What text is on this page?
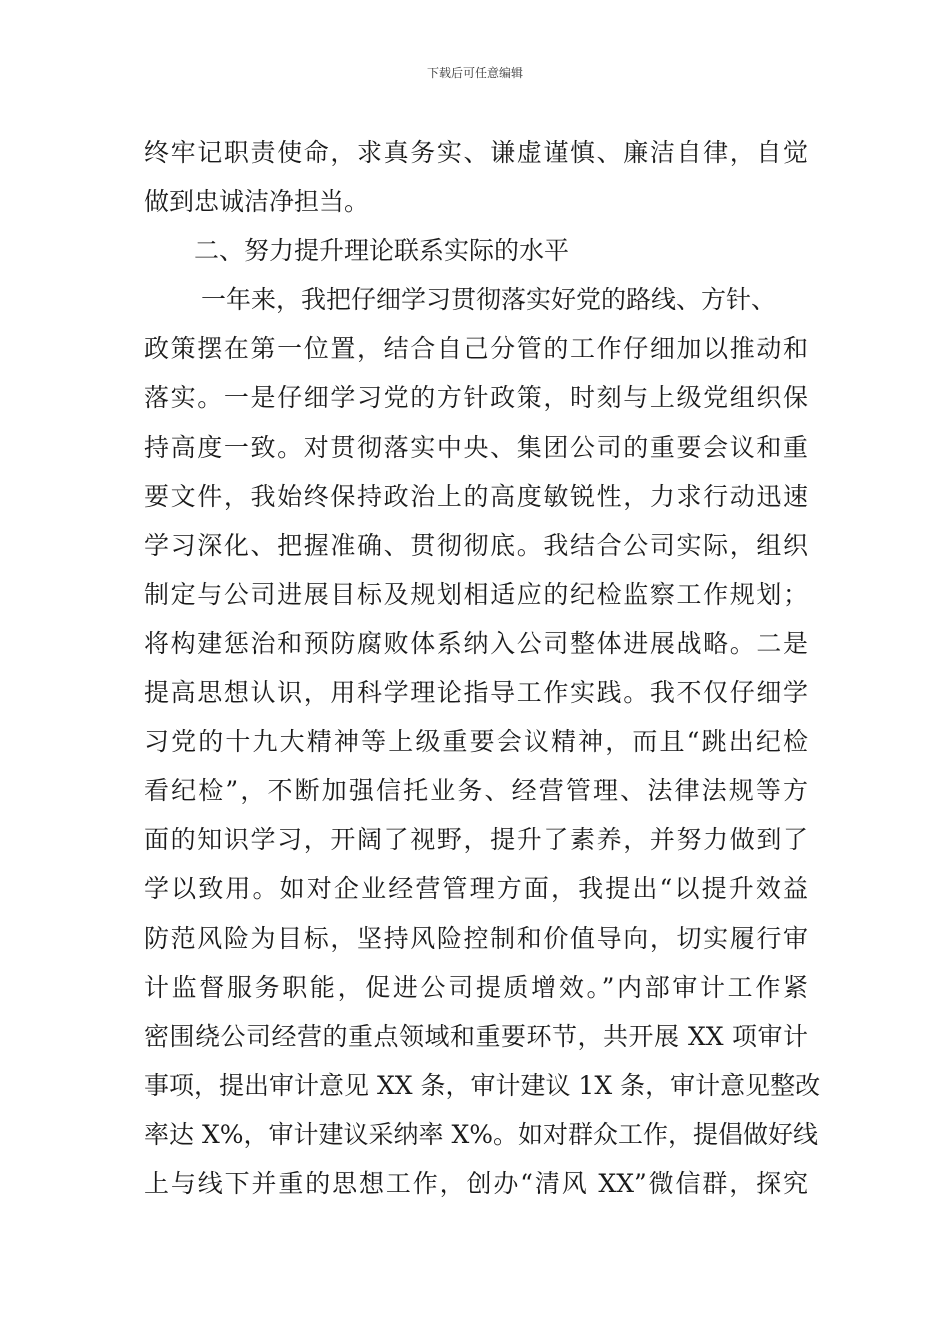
下载后可任意编辑
终牢记职责使命，求真务实、谦虚谨慎、廉洁自律，自觉
做到忠诚洁净担当。
二、努力提升理论联系实际的水平
一年来，我把仔细学习贯彻落实好党的路线、方针、
政策摆在第一位置，结合自己分管的工作仔细加以推动和
落实。一是仔细学习党的方针政策，时刻与上级党组织保
持高度一致。对贯彻落实中央、集团公司的重要会议和重
要文件，我始终保持政治上的高度敏锐性，力求行动迅速
学习深化、把握准确、贯彻彻底。我结合公司实际，组织
制定与公司进展目标及规划相适应的纪检监察工作规划；
将构建惩治和预防腐败体系纳入公司整体进展战略。二是
提高思想认识，用科学理论指导工作实践。我不仅仔细学
习党的十九大精神等上级重要会议精神，而且“跳出纪检
看纪检”，不断加强信托业务、经营管理、法律法规等方
面的知识学习，开阔了视野，提升了素养，并努力做到了
学以致用。如对企业经营管理方面，我提出“以提升效益
防范风险为目标，坚持风险控制和价值导向，切实履行审
计监督服务职能，促进公司提质增效。”内部审计工作紧
密围绕公司经营的重点领域和重要环节，共开展 XX 项审计
事项，提出审计意见 XX 条，审计建议 1X 条，审计意见整改
率达 X%，审计建议采纳率 X%。如对群众工作，提倡做好线
上与线下并重的思想工作，创办“清风 XX”微信群，探究
